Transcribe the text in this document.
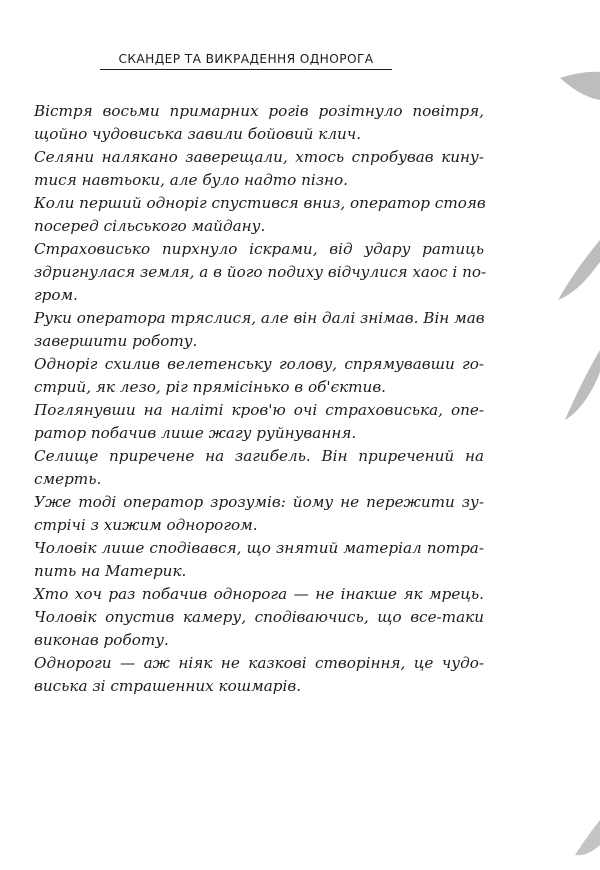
СКАНДЕР ТА ВИКРАДЕННЯ ОДНОРОГА

Вістря восьми примарних рогів розітнуло повітря,
щойно чудовиська завили бойовий клич.

Селяни налякано заверещали, хтось спробував кину-
тися навтьоки, але було надто пізно.

Коли перший одноріг спустився вниз, оператор стояв
посеред сільського майдану.

Страховисько пирхнуло іскрами, від удару ратиць
здригнулася земля, а в його подиху відчулися хаос і по-
гром.

Руки оператора тряслися, але він далі знімав. Він мав
завершити роботу.

Одноріг схилив велетенську голову, спрямувавши го-
стрий, як лезо, ріг прямісінько в об'єктив.

Поглянувши на наліті кров'ю очі страховиська, опе-
ратор побачив лише жагу руйнування.

Селище приречене на загибель. Він приречений на
смерть.

Уже тоді оператор зрозумів: йому не пережити зу-
стрічі з хижим однорогом.

Чоловік лише сподівався, що знятий матеріал потра-
пить на Материк.

Хто хоч раз побачив однорога — не інакше як мрець.

Чоловік опустив камеру, сподіваючись, що все-таки
виконав роботу.

Однороги — аж ніяк не казкові створіння, це чудо-
виська зі страшенних кошмарів.
